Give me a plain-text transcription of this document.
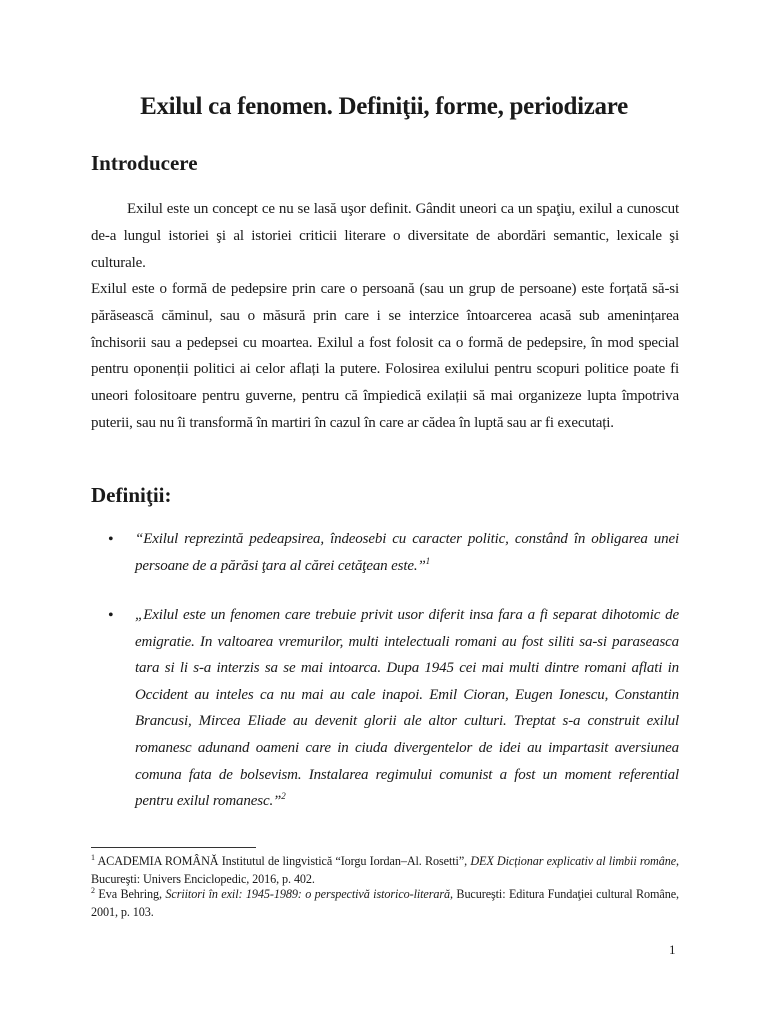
Exilul ca fenomen. Definiţii, forme, periodizare
Introducere
Exilul este un concept ce nu se lasă uşor definit. Gândit uneori ca un spaţiu, exilul a cunoscut de-a lungul istoriei şi al istoriei criticii literare o diversitate de abordări semantic, lexicale şi culturale.
Exilul este o formă de pedepsire prin care o persoană (sau un grup de persoane) este forțată să-si părăsească căminul, sau o măsură prin care i se interzice întoarcerea acasă sub amenințarea închisorii sau a pedepsei cu moartea. Exilul a fost folosit ca o formă de pedepsire, în mod special pentru oponenții politici ai celor aflați la putere. Folosirea exilului pentru scopuri politice poate fi uneori folositoare pentru guverne, pentru că împiedică exilații să mai organizeze lupta împotriva puterii, sau nu îi transformă în martiri în cazul în care ar cădea în luptă sau ar fi executați.
Definiţii:
• “Exilul reprezintă pedeapsirea, îndeosebi cu caracter politic, constând în obligarea unei persoane de a părăsi ţara al cărei cetăţean este.”$^1$
• „Exilul este un fenomen care trebuie privit usor diferit insa fara a fi separat dihotomic de emigratie. In valtoarea vremurilor, multi intelectuali romani au fost siliti sa-si paraseasca tara si li s-a interzis sa se mai intoarca. Dupa 1945 cei mai multi dintre romani aflati in Occident au inteles ca nu mai au cale inapoi. Emil Cioran, Eugen Ionescu, Constantin Brancusi, Mircea Eliade au devenit glorii ale altor culturi. Treptat s-a construit exilul romanesc adunand oameni care in ciuda divergentelor de idei au impartasit aversiunea comuna fata de bolsevism. Instalarea regimului comunist a fost un moment referential pentru exilul romanesc.”$^2$
$^1$ ACADEMIA ROMÂNĂ Institutul de lingvistică “Iorgu Iordan–Al. Rosetti”, DEX Dicționar explicativ al limbii române, Bucureşti: Univers Enciclopedic, 2016, p. 402.
$^2$ Eva Behring, Scriitori în exil: 1945-1989: o perspectivă istorico-literară, Bucureşti: Editura Fundaţiei cultural Române, 2001, p. 103.
1
